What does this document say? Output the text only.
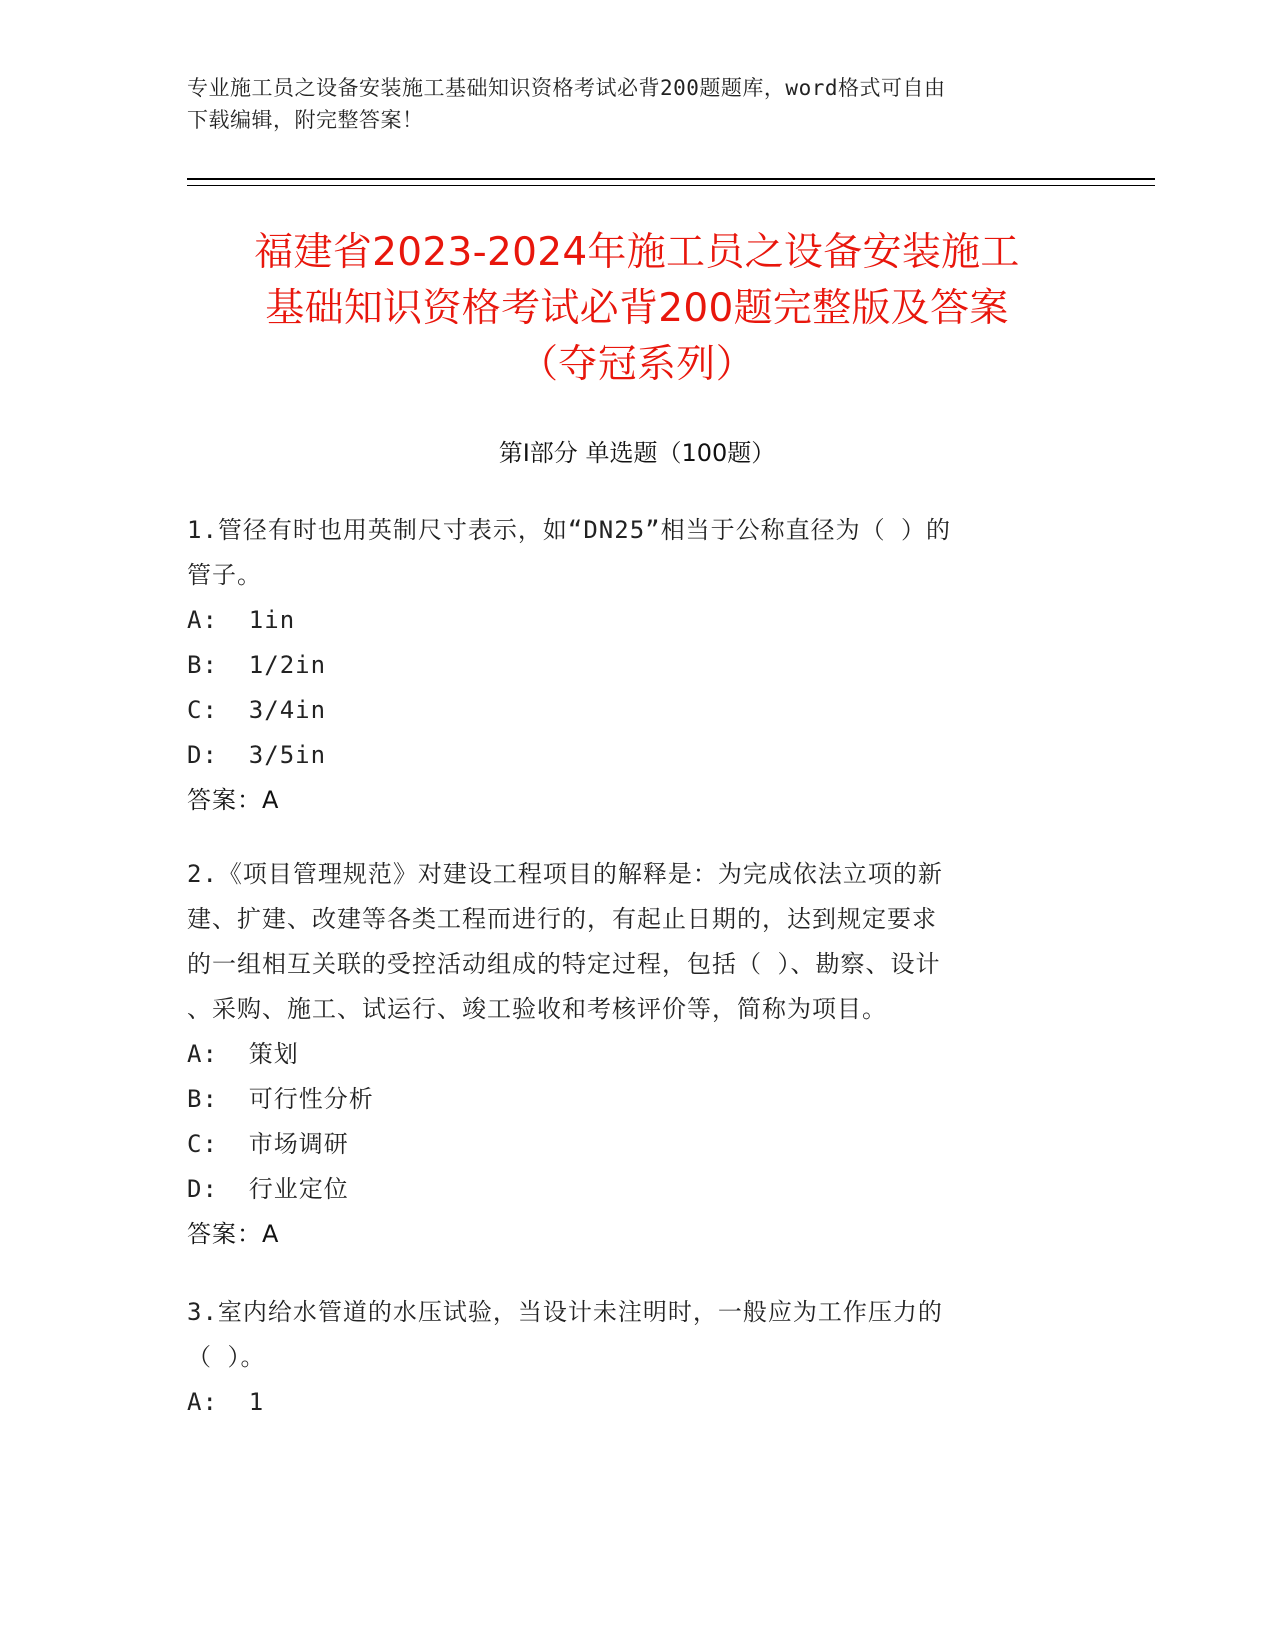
专业施工员之设备安装施工基础知识资格考试必背200题题库，word格式可自由
下载编辑，附完整答案！
福建省2023-2024年施工员之设备安装施工
基础知识资格考试必背200题完整版及答案
（夺冠系列）
第Ⅰ部分 单选题（100题）
1.管径有时也用英制尺寸表示，如“DN25”相当于公称直径为（ ）的
管子。
A:  1in
B:  1/2in
C:  3/4in
D:  3/5in
答案：A
2.《项目管理规范》对建设工程项目的解释是：为完成依法立项的新
建、扩建、改建等各类工程而进行的，有起止日期的，达到规定要求
的一组相互关联的受控活动组成的特定过程，包括（ ）、勘察、设计
、采购、施工、试运行、竣工验收和考核评价等，简称为项目。
A:  策划
B:  可行性分析
C:  市场调研
D:  行业定位
答案：A
3.室内给水管道的水压试验，当设计未注明时，一般应为工作压力的
（ ）。
A:  1
